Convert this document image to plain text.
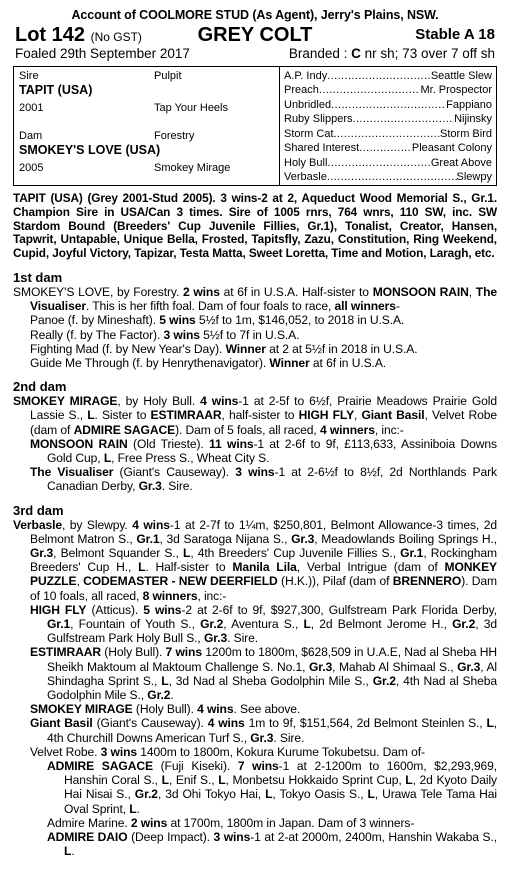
Account of COOLMORE STUD (As Agent), Jerry's Plains, NSW.
Lot 142 (No GST)	GREY COLT	Stable A 18
Foaled 29th September 2017	Branded : C nr sh; 73 over 7 off sh
Sire	Pulpit
TAPIT (USA)
2001	Tap Your Heels
Dam	Forestry
SMOKEY'S LOVE (USA)
2005	Smokey Mirage
A.P. Indy .....	Seattle Slew
Preach .....	Mr. Prospector
Unbridled .....	Fappiano
Ruby Slippers .....	Nijinsky
Storm Cat .....	Storm Bird
Shared Interest .....	Pleasant Colony
Holy Bull .....	Great Above
Verbasle .....	Slewpy
TAPIT (USA) (Grey 2001-Stud 2005). 3 wins-2 at 2, Aqueduct Wood Memorial S., Gr.1. Champion Sire in USA/Can 3 times. Sire of 1005 rnrs, 764 wnrs, 110 SW, inc. SW Stardom Bound (Breeders' Cup Juvenile Fillies, Gr.1), Tonalist, Creator, Hansen, Tapwrit, Untapable, Unique Bella, Frosted, Tapitsfly, Zazu, Constitution, Ring Weekend, Cupid, Joyful Victory, Tapizar, Testa Matta, Sweet Loretta, Time and Motion, Laragh, etc.
1st dam
SMOKEY'S LOVE, by Forestry. 2 wins at 6f in U.S.A. Half-sister to MONSOON RAIN, The Visualiser. This is her fifth foal. Dam of four foals to race, all winners-
Panoe (f. by Mineshaft). 5 wins 5½f to 1m, $146,052, to 2018 in U.S.A.
Really (f. by The Factor). 3 wins 5½f to 7f in U.S.A.
Fighting Mad (f. by New Year's Day). Winner at 2 at 5½f in 2018 in U.S.A.
Guide Me Through (f. by Henrythenavigator). Winner at 6f in U.S.A.
2nd dam
SMOKEY MIRAGE, by Holy Bull. 4 wins-1 at 2-5f to 6½f, Prairie Meadows Prairie Gold Lassie S., L. Sister to ESTIMRAAR, half-sister to HIGH FLY, Giant Basil, Velvet Robe (dam of ADMIRE SAGACE). Dam of 5 foals, all raced, 4 winners, inc:-
MONSOON RAIN (Old Trieste). 11 wins-1 at 2-6f to 9f, £113,633, Assiniboia Downs Gold Cup, L, Free Press S., Wheat City S.
The Visualiser (Giant's Causeway). 3 wins-1 at 2-6½f to 8½f, 2d Northlands Park Canadian Derby, Gr.3. Sire.
3rd dam
Verbasle, by Slewpy. 4 wins-1 at 2-7f to 1¼m, $250,801, Belmont Allowance-3 times, 2d Belmont Matron S., Gr.1, 3d Saratoga Nijana S., Gr.3, Meadowlands Boiling Springs H., Gr.3, Belmont Squander S., L, 4th Breeders' Cup Juvenile Fillies S., Gr.1, Rockingham Breeders' Cup H., L. Half-sister to Manila Lila, Verbal Intrigue (dam of MONKEY PUZZLE, CODEMASTER - NEW DEERFIELD (H.K.)), Pilaf (dam of BRENNERO). Dam of 10 foals, all raced, 8 winners, inc:-
HIGH FLY (Atticus). 5 wins-2 at 2-6f to 9f, $927,300, Gulfstream Park Florida Derby, Gr.1, Fountain of Youth S., Gr.2, Aventura S., L, 2d Belmont Jerome H., Gr.2, 3d Gulfstream Park Holy Bull S., Gr.3. Sire.
ESTIMRAAR (Holy Bull). 7 wins 1200m to 1800m, $628,509 in U.A.E, Nad al Sheba HH Sheikh Maktoum al Maktoum Challenge S. No.1, Gr.3, Mahab Al Shimaal S., Gr.3, Al Shindagha Sprint S., L, 3d Nad al Sheba Godolphin Mile S., Gr.2, 4th Nad al Sheba Godolphin Mile S., Gr.2.
SMOKEY MIRAGE (Holy Bull). 4 wins. See above.
Giant Basil (Giant's Causeway). 4 wins 1m to 9f, $151,564, 2d Belmont Steinlen S., L, 4th Churchill Downs American Turf S., Gr.3. Sire.
Velvet Robe. 3 wins 1400m to 1800m, Kokura Kurume Tokubetsu. Dam of-
ADMIRE SAGACE (Fuji Kiseki). 7 wins-1 at 2-1200m to 1600m, $2,293,969, Hanshin Coral S., L, Enif S., L, Monbetsu Hokkaido Sprint Cup, L, 2d Kyoto Daily Hai Nisai S., Gr.2, 3d Ohi Tokyo Hai, L, Tokyo Oasis S., L, Urawa Tele Tama Hai Oval Sprint, L.
Admire Marine. 2 wins at 1700m, 1800m in Japan. Dam of 3 winners-
ADMIRE DAIO (Deep Impact). 3 wins-1 at 2-at 2000m, 2400m, Hanshin Wakaba S., L.
